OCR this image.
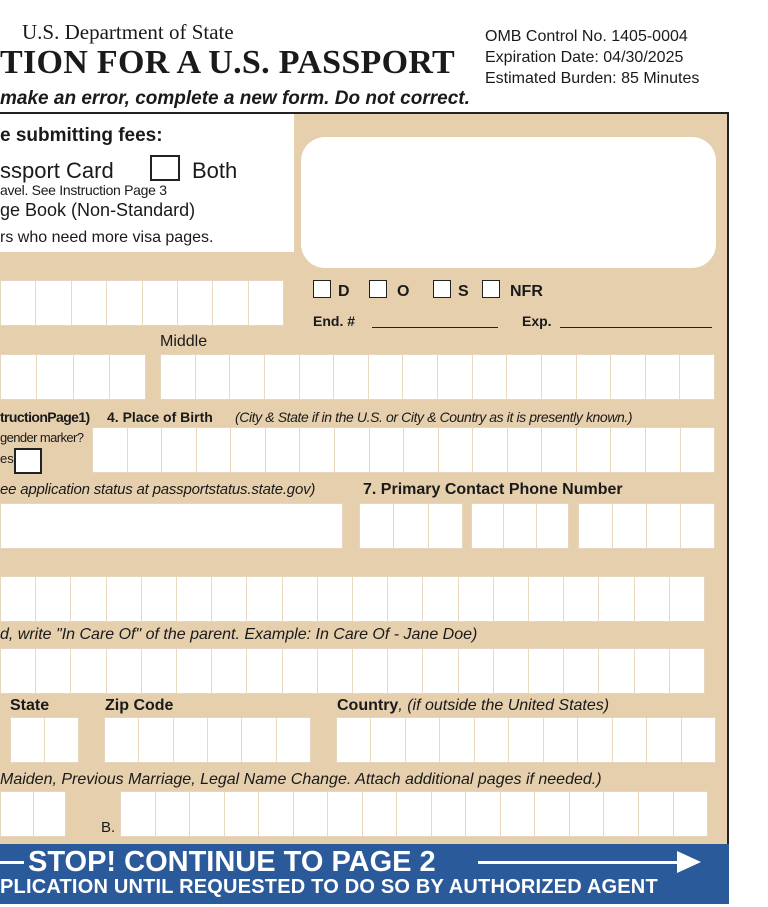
U.S. Department of State
TION FOR A U.S. PASSPORT
make an error, complete a new form. Do not correct.
OMB Control No. 1405-0004
Expiration Date: 04/30/2025
Estimated Burden: 85 Minutes
e submitting fees:
ssport Card	Both
avel. See Instruction Page 3
ge Book (Non-Standard)
rs who need more visa pages.
D	O	S	NFR
End. #	Exp.
Middle
tructionPage1) 4. Place of Birth (City & State if in the U.S. or City & Country as it is presently known.)
gender marker?
es
ee application status at passportstatus.state.gov)	7. Primary Contact Phone Number
d, write "In Care Of" of the parent. Example: In Care Of - Jane Doe)
State	Zip Code	Country, (if outside the United States)
Maiden, Previous Marriage, Legal Name Change. Attach additional pages if needed.)
B.
STOP! CONTINUE TO PAGE 2
PLICATION UNTIL REQUESTED TO DO SO BY AUTHORIZED AGENT
